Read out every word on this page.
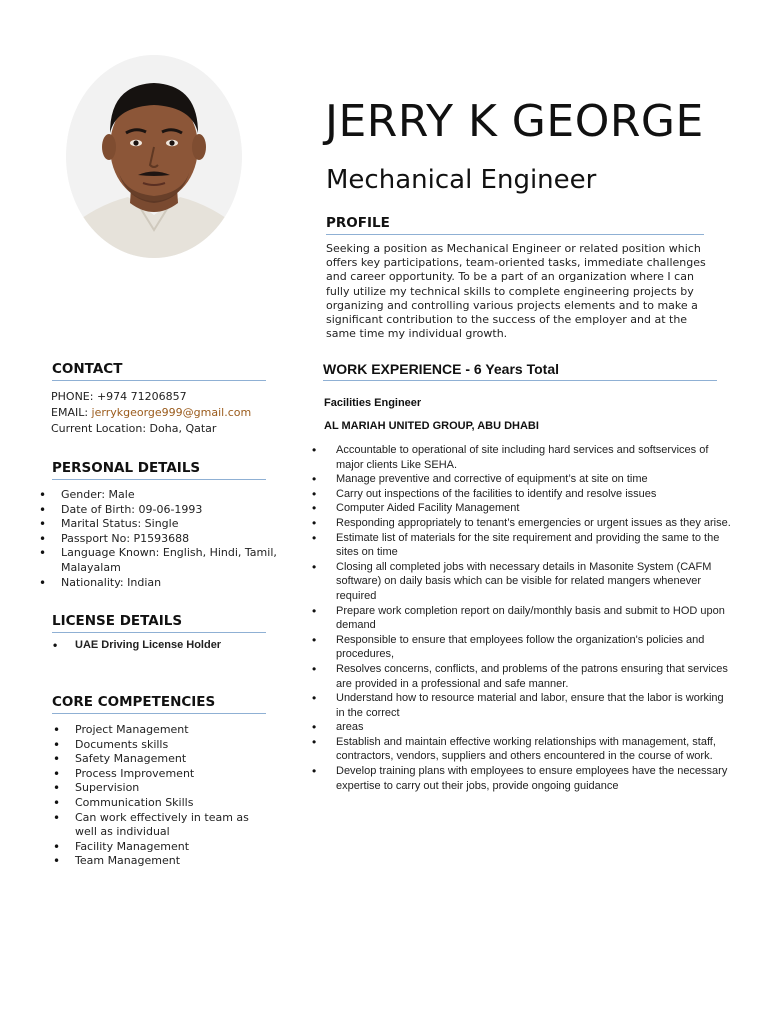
JERRY K GEORGE
Mechanical Engineer
PROFILE
Seeking a position as Mechanical Engineer or related position which offers key participations, team-oriented tasks, immediate challenges and career opportunity. To be a part of an organization where I can fully utilize my technical skills to complete engineering projects by organizing and controlling various projects elements and to make a significant contribution to the success of the employer and at the same time my individual growth.
CONTACT
PHONE: +974 71206857
EMAIL: jerrykgeorge999@gmail.com
Current Location: Doha, Qatar
PERSONAL DETAILS
• Gender: Male
• Date of Birth: 09-06-1993
• Marital Status: Single
• Passport No: P1593688
• Language Known: English, Hindi, Tamil, Malayalam
• Nationality: Indian
LICENSE DETAILS
• UAE Driving License Holder
CORE COMPETENCIES
• Project Management
• Documents skills
• Safety Management
• Process Improvement
• Supervision
• Communication Skills
• Can work effectively in team as well as individual
• Facility Management
• Team Management
WORK EXPERIENCE - 6 Years Total
Facilities Engineer
AL MARIAH UNITED GROUP, ABU DHABI
• Accountable to operational of site including hard services and softservices of major clients Like SEHA.
• Manage preventive and corrective of equipment’s at site on time
• Carry out inspections of the facilities to identify and resolve issues
• Computer Aided Facility Management
• Responding appropriately to tenant’s emergencies or urgent issues as they arise.
• Estimate list of materials for the site requirement and providing the same to the sites on time
• Closing all completed jobs with necessary details in Masonite System (CAFM software) on daily basis which can be visible for related mangers whenever required
• Prepare work completion report on daily/monthly basis and submit to HOD upon demand
• Responsible to ensure that employees follow the organization's policies and procedures,
• Resolves concerns, conflicts, and problems of the patrons ensuring that services are provided in a professional and safe manner.
• Understand how to resource material and labor, ensure that the labor is working in the correct
• areas
• Establish and maintain effective working relationships with management, staff, contractors, vendors, suppliers and others encountered in the course of work.
• Develop training plans with employees to ensure employees have the necessary expertise to carry out their jobs, provide ongoing guidance
